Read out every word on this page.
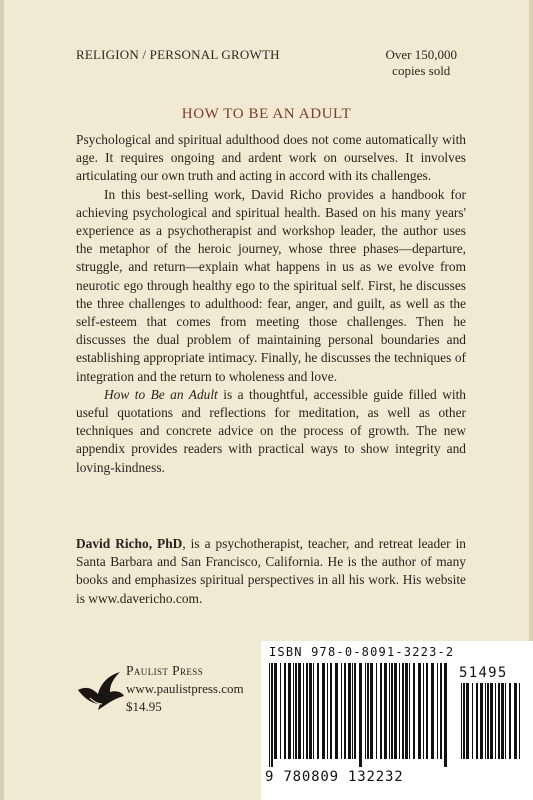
RELIGION / PERSONAL GROWTH	Over 150,000
copies sold
HOW TO BE AN ADULT

Psychological and spiritual adulthood does not come automatically with age. It requires ongoing and ardent work on ourselves. It involves articulating our own truth and acting in accord with its challenges.

In this best-selling work, David Richo provides a handbook for achieving psychological and spiritual health. Based on his many years' experience as a psychotherapist and workshop leader, the author uses the metaphor of the heroic journey, whose three phases—departure, struggle, and return—explain what happens in us as we evolve from neurotic ego through healthy ego to the spiritual self. First, he discusses the three challenges to adulthood: fear, anger, and guilt, as well as the self-esteem that comes from meeting those challenges. Then he discusses the dual problem of maintaining personal boundaries and establishing appropriate intimacy. Finally, he discusses the techniques of integration and the return to wholeness and love.

How to Be an Adult is a thoughtful, accessible guide filled with useful quotations and reflections for meditation, as well as other techniques and concrete advice on the process of growth. The new appendix provides readers with practical ways to show integrity and loving-kindness.

David Richo, PhD, is a psychotherapist, teacher, and retreat leader in Santa Barbara and San Francisco, California. He is the author of many books and emphasizes spiritual perspectives in all his work. His website is www.davericho.com.

Paulist Press
www.paulistpress.com
$14.95
ISBN 978-0-8091-3223-2
51495
9 780809 132232
